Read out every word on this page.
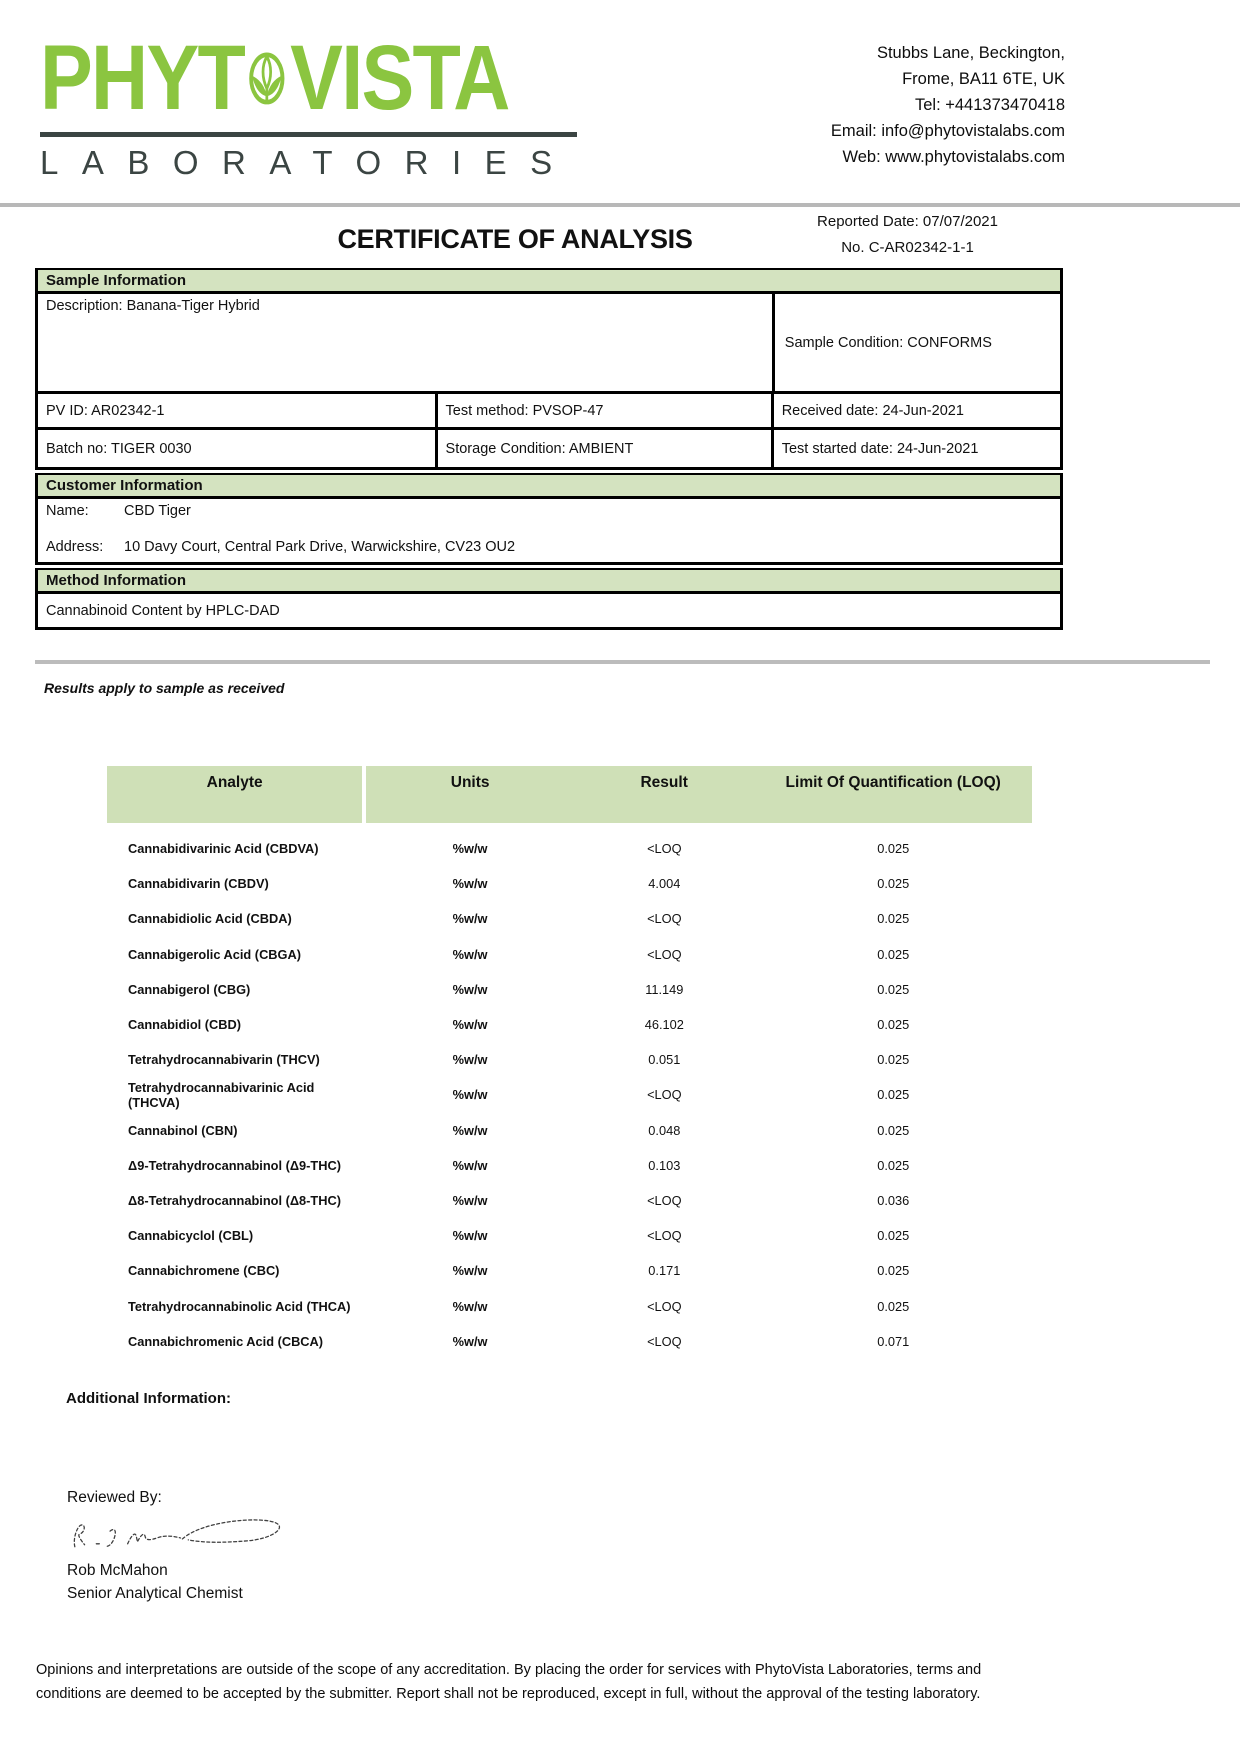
PHYT VISTA
LABORATORIES
Stubbs Lane, Beckington,
Frome, BA11 6TE, UK
Tel: +441373470418
Email: info@phytovistalabs.com
Web: www.phytovistalabs.com
Reported Date: 07/07/2021
No. C-AR02342-1-1
CERTIFICATE OF ANALYSIS
Sample Information
Description: Banana-Tiger Hybrid
Sample Condition: CONFORMS
PV ID: AR02342-1	Test method: PVSOP-47	Received date: 24-Jun-2021
Batch no: TIGER 0030	Storage Condition: AMBIENT	Test started date: 24-Jun-2021
Customer Information
Name:	CBD Tiger
Address:	10 Davy Court, Central Park Drive, Warwickshire, CV23 OU2
Method Information
Cannabinoid Content by HPLC-DAD
Results apply to sample as received
Analyte	Units	Result	Limit Of Quantification (LOQ)
Cannabidivarinic Acid (CBDVA)	%w/w	<LOQ	0.025
Cannabidivarin (CBDV)	%w/w	4.004	0.025
Cannabidiolic Acid (CBDA)	%w/w	<LOQ	0.025
Cannabigerolic Acid (CBGA)	%w/w	<LOQ	0.025
Cannabigerol (CBG)	%w/w	11.149	0.025
Cannabidiol (CBD)	%w/w	46.102	0.025
Tetrahydrocannabivarin (THCV)	%w/w	0.051	0.025
Tetrahydrocannabivarinic Acid (THCVA)	%w/w	<LOQ	0.025
Cannabinol (CBN)	%w/w	0.048	0.025
Δ9-Tetrahydrocannabinol (Δ9-THC)	%w/w	0.103	0.025
Δ8-Tetrahydrocannabinol (Δ8-THC)	%w/w	<LOQ	0.036
Cannabicyclol (CBL)	%w/w	<LOQ	0.025
Cannabichromene (CBC)	%w/w	0.171	0.025
Tetrahydrocannabinolic Acid (THCA)	%w/w	<LOQ	0.025
Cannabichromenic Acid (CBCA)	%w/w	<LOQ	0.071
Additional Information:
Reviewed By:
Rob McMahon
Senior Analytical Chemist
Opinions and interpretations are outside of the scope of any accreditation. By placing the order for services with PhytoVista Laboratories, terms and conditions are deemed to be accepted by the submitter. Report shall not be reproduced, except in full, without the approval of the testing laboratory.
